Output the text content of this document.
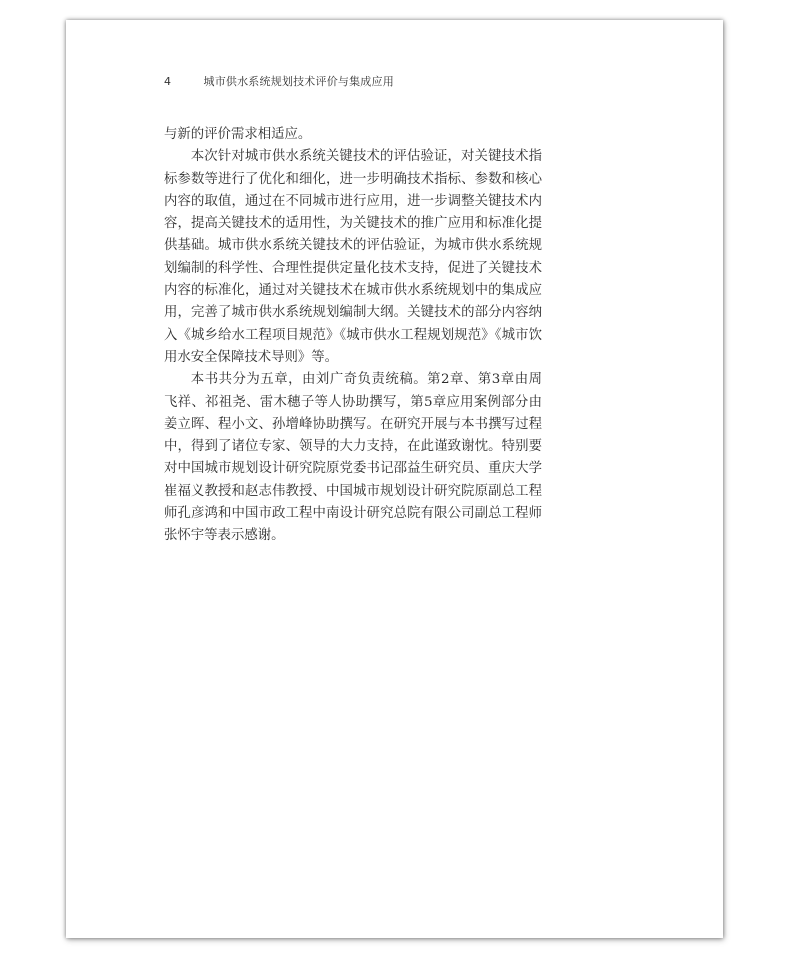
4	城市供水系统规划技术评价与集成应用

与新的评价需求相适应。

本次针对城市供水系统关键技术的评估验证，对关键技术指标参数等进行了优化和细化，进一步明确技术指标、参数和核心内容的取值，通过在不同城市进行应用，进一步调整关键技术内容，提高关键技术的适用性，为关键技术的推广应用和标准化提供基础。城市供水系统关键技术的评估验证，为城市供水系统规划编制的科学性、合理性提供定量化技术支持，促进了关键技术内容的标准化，通过对关键技术在城市供水系统规划中的集成应用，完善了城市供水系统规划编制大纲。关键技术的部分内容纳入《城乡给水工程项目规范》《城市供水工程规划规范》《城市饮用水安全保障技术导则》等。

本书共分为五章，由刘广奇负责统稿。第2章、第3章由周飞祥、祁祖尧、雷木穗子等人协助撰写，第5章应用案例部分由姜立晖、程小文、孙增峰协助撰写。在研究开展与本书撰写过程中，得到了诸位专家、领导的大力支持，在此谨致谢忱。特别要对中国城市规划设计研究院原党委书记邵益生研究员、重庆大学崔福义教授和赵志伟教授、中国城市规划设计研究院原副总工程师孔彦鸿和中国市政工程中南设计研究总院有限公司副总工程师张怀宇等表示感谢。
